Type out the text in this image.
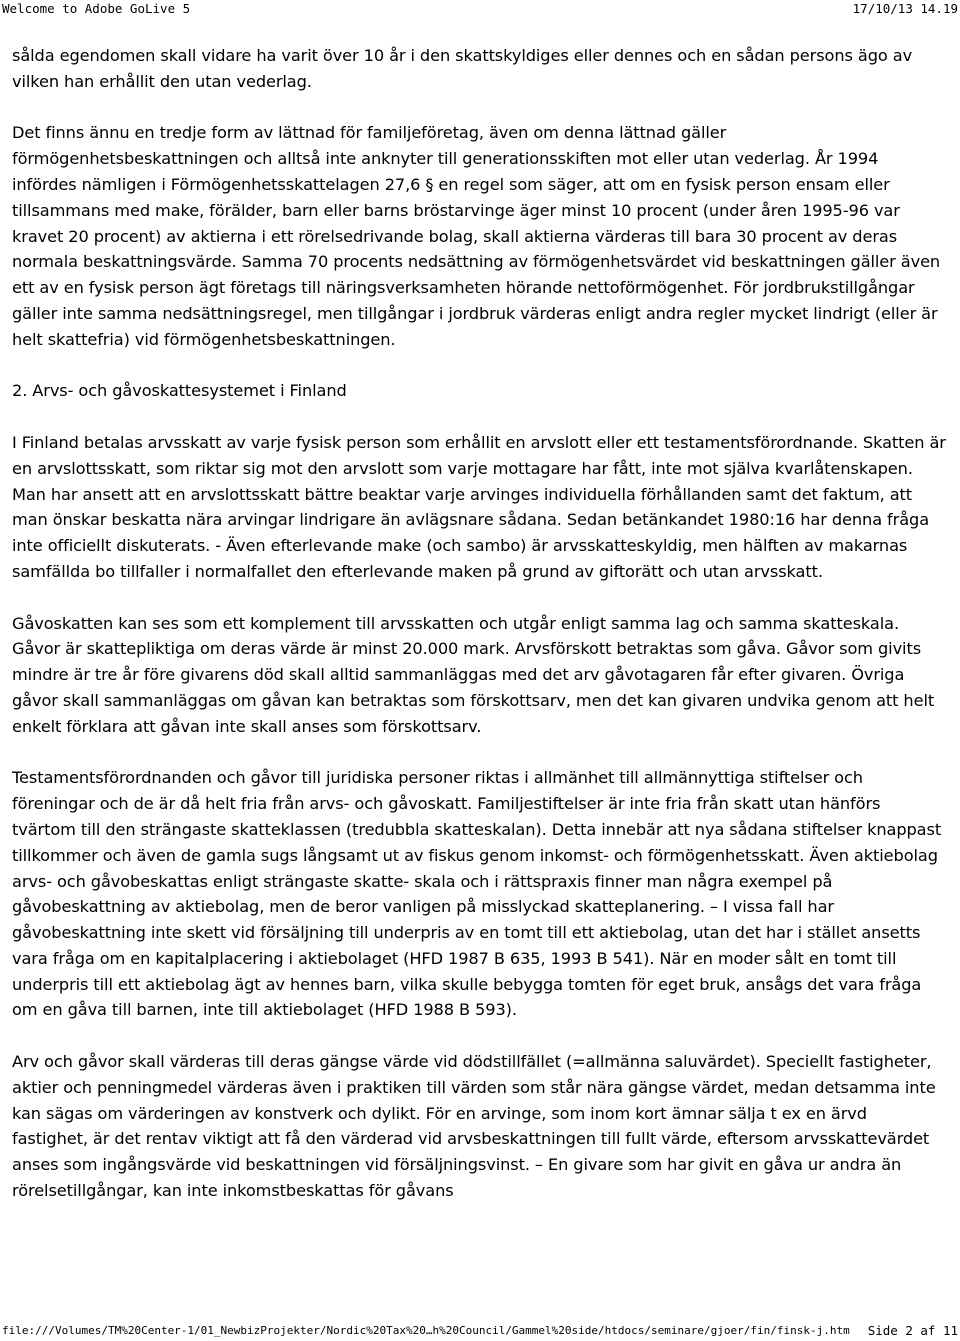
Welcome to Adobe GoLive 5	17/10/13 14.19

sålda egendomen skall vidare ha varit över 10 år i den skattskyldiges eller dennes och en sådan persons ägo av vilken han erhållit den utan vederlag.

Det finns ännu en tredje form av lättnad för familjeföretag, även om denna lättnad gäller förmögenhetsbeskattningen och alltså inte anknyter till generationsskiften mot eller utan vederlag. År 1994 infördes nämligen i Förmögenhetsskattelagen 27,6 § en regel som säger, att om en fysisk person ensam eller tillsammans med make, förälder, barn eller barns bröstarvinge äger minst 10 procent (under åren 1995-96 var kravet 20 procent) av aktierna i ett rörelsedrivande bolag, skall aktierna värderas till bara 30 procent av deras normala beskattningsvärde. Samma 70 procents nedsättning av förmögenhetsvärdet vid beskattningen gäller även ett av en fysisk person ägt företags till näringsverksamheten hörande nettoförmögenhet. För jordbrukstillgångar gäller inte samma nedsättningsregel, men tillgångar i jordbruk värderas enligt andra regler mycket lindrigt (eller är helt skattefria) vid förmögenhetsbeskattningen.

2. Arvs- och gåvoskattesystemet i Finland

I Finland betalas arvsskatt av varje fysisk person som erhållit en arvslott eller ett testamentsförordnande. Skatten är en arvslottsskatt, som riktar sig mot den arvslott som varje mottagare har fått, inte mot själva kvarlåtenskapen. Man har ansett att en arvslottsskatt bättre beaktar varje arvinges individuella förhållanden samt det faktum, att man önskar beskatta nära arvingar lindrigare än avlägsnare sådana. Sedan betänkandet 1980:16 har denna fråga inte officiellt diskuterats. - Även efterlevande make (och sambo) är arvsskatteskyldig, men hälften av makarnas samfällda bo tillfaller i normalfallet den efterlevande maken på grund av giftorätt och utan arvsskatt.

Gåvoskatten kan ses som ett komplement till arvsskatten och utgår enligt samma lag och samma skatteskala. Gåvor är skattepliktiga om deras värde är minst 20.000 mark. Arvsförskott betraktas som gåva. Gåvor som givits mindre är tre år före givarens död skall alltid sammanläggas med det arv gåvotagaren får efter givaren. Övriga gåvor skall sammanläggas om gåvan kan betraktas som förskottsarv, men det kan givaren undvika genom att helt enkelt förklara att gåvan inte skall anses som förskottsarv.

Testamentsförordnanden och gåvor till juridiska personer riktas i allmänhet till allmännyttiga stiftelser och föreningar och de är då helt fria från arvs- och gåvoskatt. Familjestiftelser är inte fria från skatt utan hänförs tvärtom till den strängaste skatteklassen (tredubbla skatteskalan). Detta innebär att nya sådana stiftelser knappast tillkommer och även de gamla sugs långsamt ut av fiskus genom inkomst- och förmögenhetsskatt. Även aktiebolag arvs- och gåvobeskattas enligt strängaste skatte- skala och i rättspraxis finner man några exempel på gåvobeskattning av aktiebolag, men de beror vanligen på misslyckad skatteplanering. – I vissa fall har gåvobeskattning inte skett vid försäljning till underpris av en tomt till ett aktiebolag, utan det har i stället ansetts vara fråga om en kapitalplacering i aktiebolaget (HFD 1987 B 635, 1993 B 541). När en moder sålt en tomt till underpris till ett aktiebolag ägt av hennes barn, vilka skulle bebygga tomten för eget bruk, ansågs det vara fråga om en gåva till barnen, inte till aktiebolaget (HFD 1988 B 593).

Arv och gåvor skall värderas till deras gängse värde vid dödstillfället (=allmänna saluvärdet). Speciellt fastigheter, aktier och penningmedel värderas även i praktiken till värden som står nära gängse värdet, medan detsamma inte kan sägas om värderingen av konstverk och dylikt. För en arvinge, som inom kort ämnar sälja t ex en ärvd fastighet, är det rentav viktigt att få den värderad vid arvsbeskattningen till fullt värde, eftersom arvsskattevärdet anses som ingångsvärde vid beskattningen vid försäljningsvinst. – En givare som har givit en gåva ur andra än rörelsetillgångar, kan inte inkomstbeskattas för gåvans

file:///Volumes/TM%20Center-1/01_NewbizProjekter/Nordic%20Tax%20…h%20Council/Gammel%20side/htdocs/seminare/gjoer/fin/finsk-j.htm Side 2 af 11
